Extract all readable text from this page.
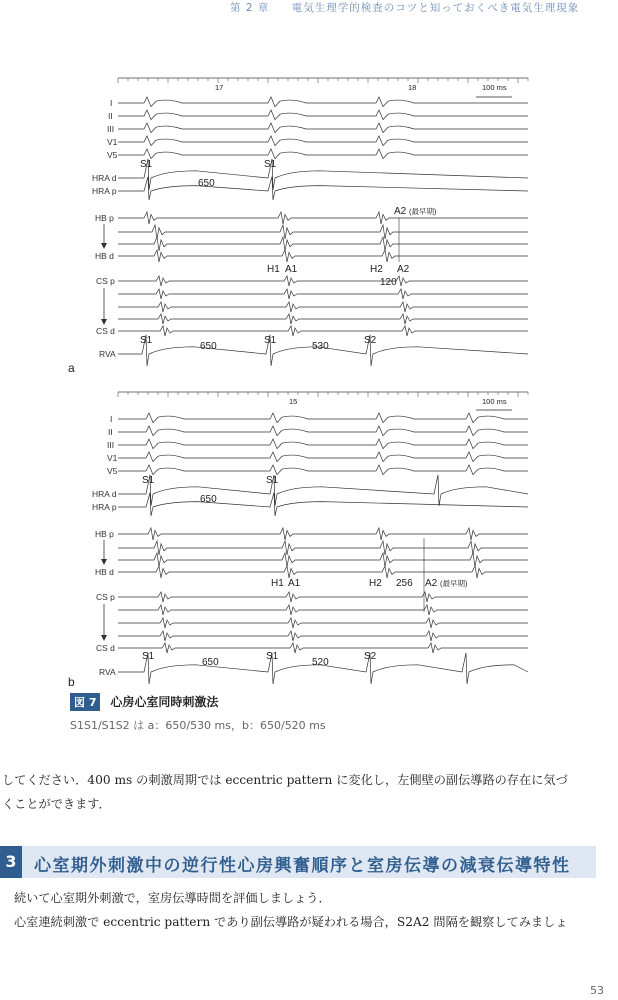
第 2 章 電気生理学的検査のコツと知っておくべき電気生理現象
17	18	100 ms
I
II
III
V1
V5
HRA d
HRA p
HB p
HB d
CS p
CS d
RVA
S1	S1
650
A2 (最早期)
H1 A1	H2 A2
120
S1	S1	S2
650	530
a
15	100 ms
I
II
III
V1
V5
HRA d
HRA p
HB p
HB d
CS p
CS d
RVA
S1	S1
650
H1 A1	H2 256 A2 (最早期)
S1	S1	S2
650	520
b
図 7 心房心室同時刺激法
S1S1/S1S2 は a：650/530 ms，b：650/520 ms
してください．400 ms の刺激周期では eccentric pattern に変化し，左側壁の副伝導路の存在に気づ
くことができます．
3	心室期外刺激中の逆行性心房興奮順序と室房伝導の減衰伝導特性
続いて心室期外刺激で，室房伝導時間を評価しましょう．
心室連続刺激で eccentric pattern であり副伝導路が疑われる場合，S2A2 間隔を観察してみましょ
53
